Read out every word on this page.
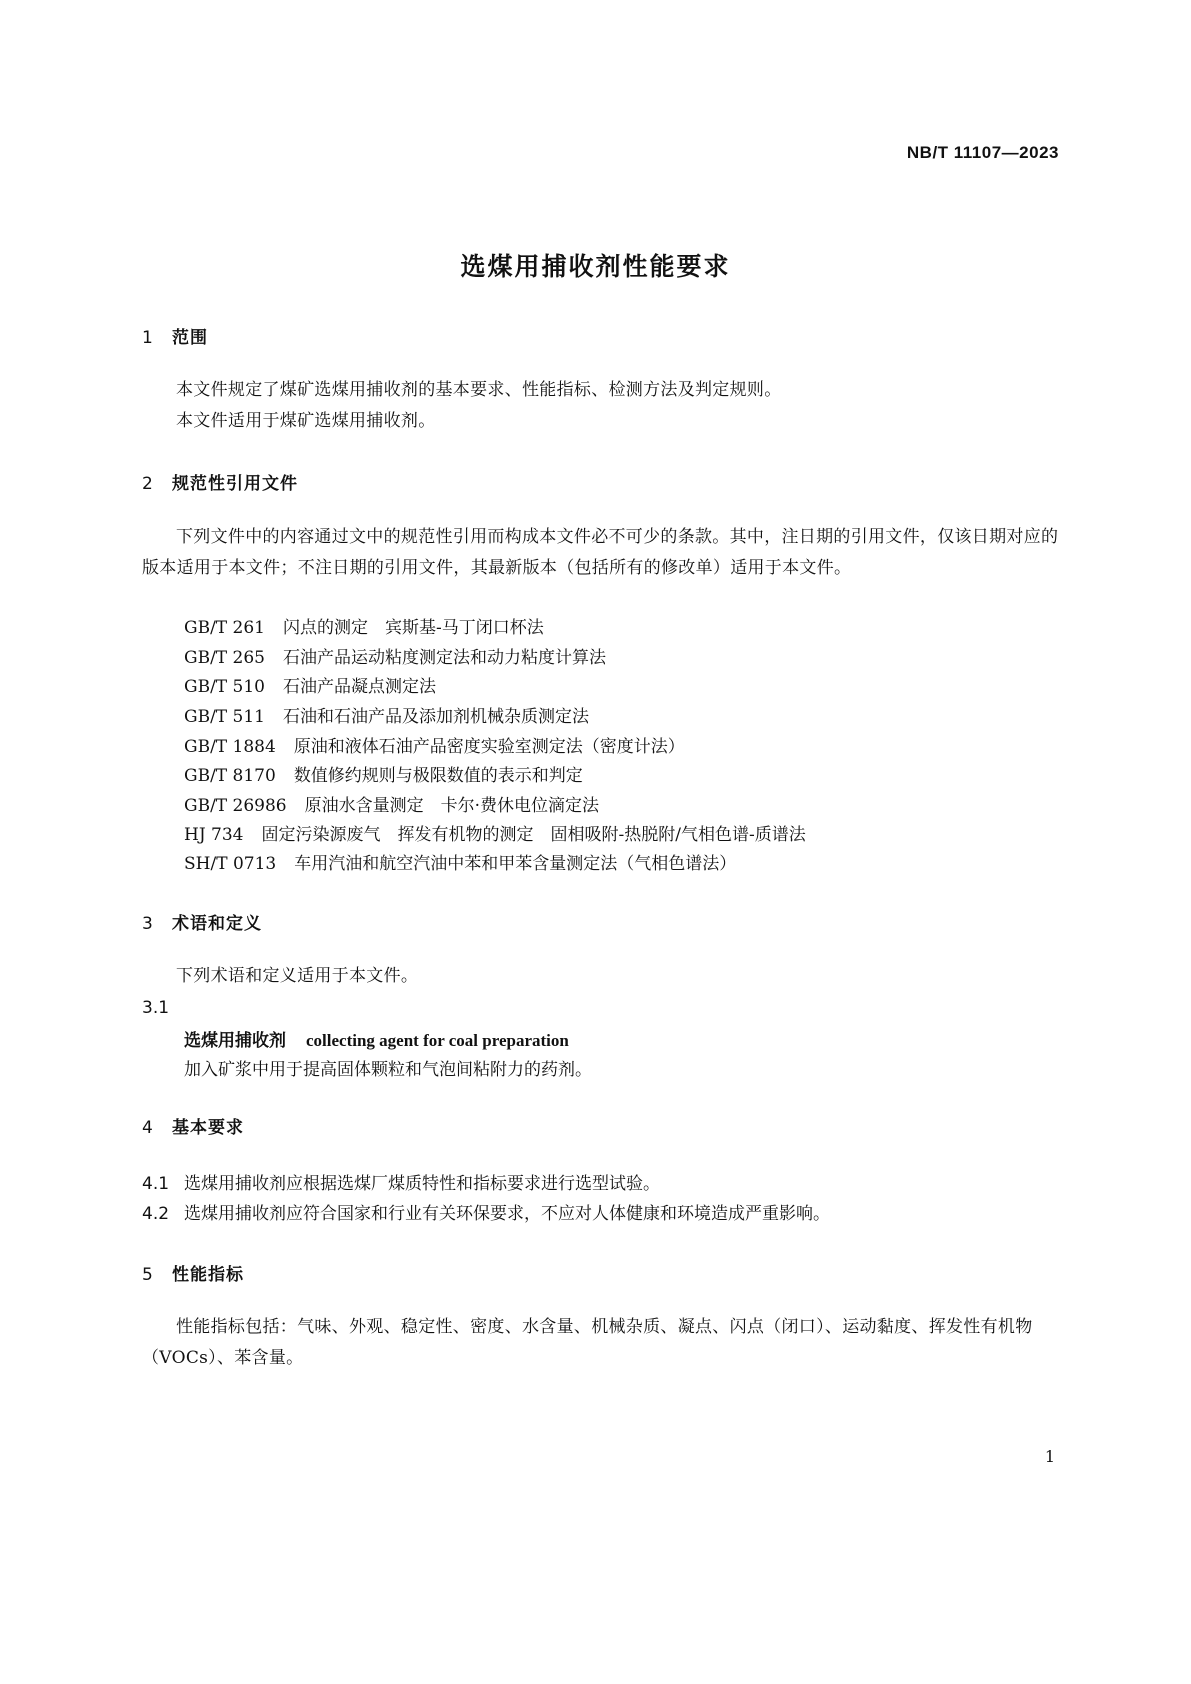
NB/T 11107—2023
选煤用捕收剂性能要求
1 范围
本文件规定了煤矿选煤用捕收剂的基本要求、性能指标、检测方法及判定规则。
本文件适用于煤矿选煤用捕收剂。
2 规范性引用文件
下列文件中的内容通过文中的规范性引用而构成本文件必不可少的条款。其中，注日期的引用文件，仅该日期对应的版本适用于本文件；不注日期的引用文件，其最新版本（包括所有的修改单）适用于本文件。
GB/T 261 闪点的测定　宾斯基-马丁闭口杯法
GB/T 265 石油产品运动粘度测定法和动力粘度计算法
GB/T 510 石油产品凝点测定法
GB/T 511 石油和石油产品及添加剂机械杂质测定法
GB/T 1884 原油和液体石油产品密度实验室测定法（密度计法）
GB/T 8170 数值修约规则与极限数值的表示和判定
GB/T 26986 原油水含量测定　卡尔·费休电位滴定法
HJ 734 固定污染源废气　挥发有机物的测定　固相吸附-热脱附/气相色谱-质谱法
SH/T 0713 车用汽油和航空汽油中苯和甲苯含量测定法（气相色谱法）
3 术语和定义
下列术语和定义适用于本文件。
3.1
选煤用捕收剂 collecting agent for coal preparation
加入矿浆中用于提高固体颗粒和气泡间粘附力的药剂。
4 基本要求
4.1 选煤用捕收剂应根据选煤厂煤质特性和指标要求进行选型试验。
4.2 选煤用捕收剂应符合国家和行业有关环保要求，不应对人体健康和环境造成严重影响。
5 性能指标
性能指标包括：气味、外观、稳定性、密度、水含量、机械杂质、凝点、闪点（闭口）、运动黏度、挥发性有机物（VOCs）、苯含量。
1
